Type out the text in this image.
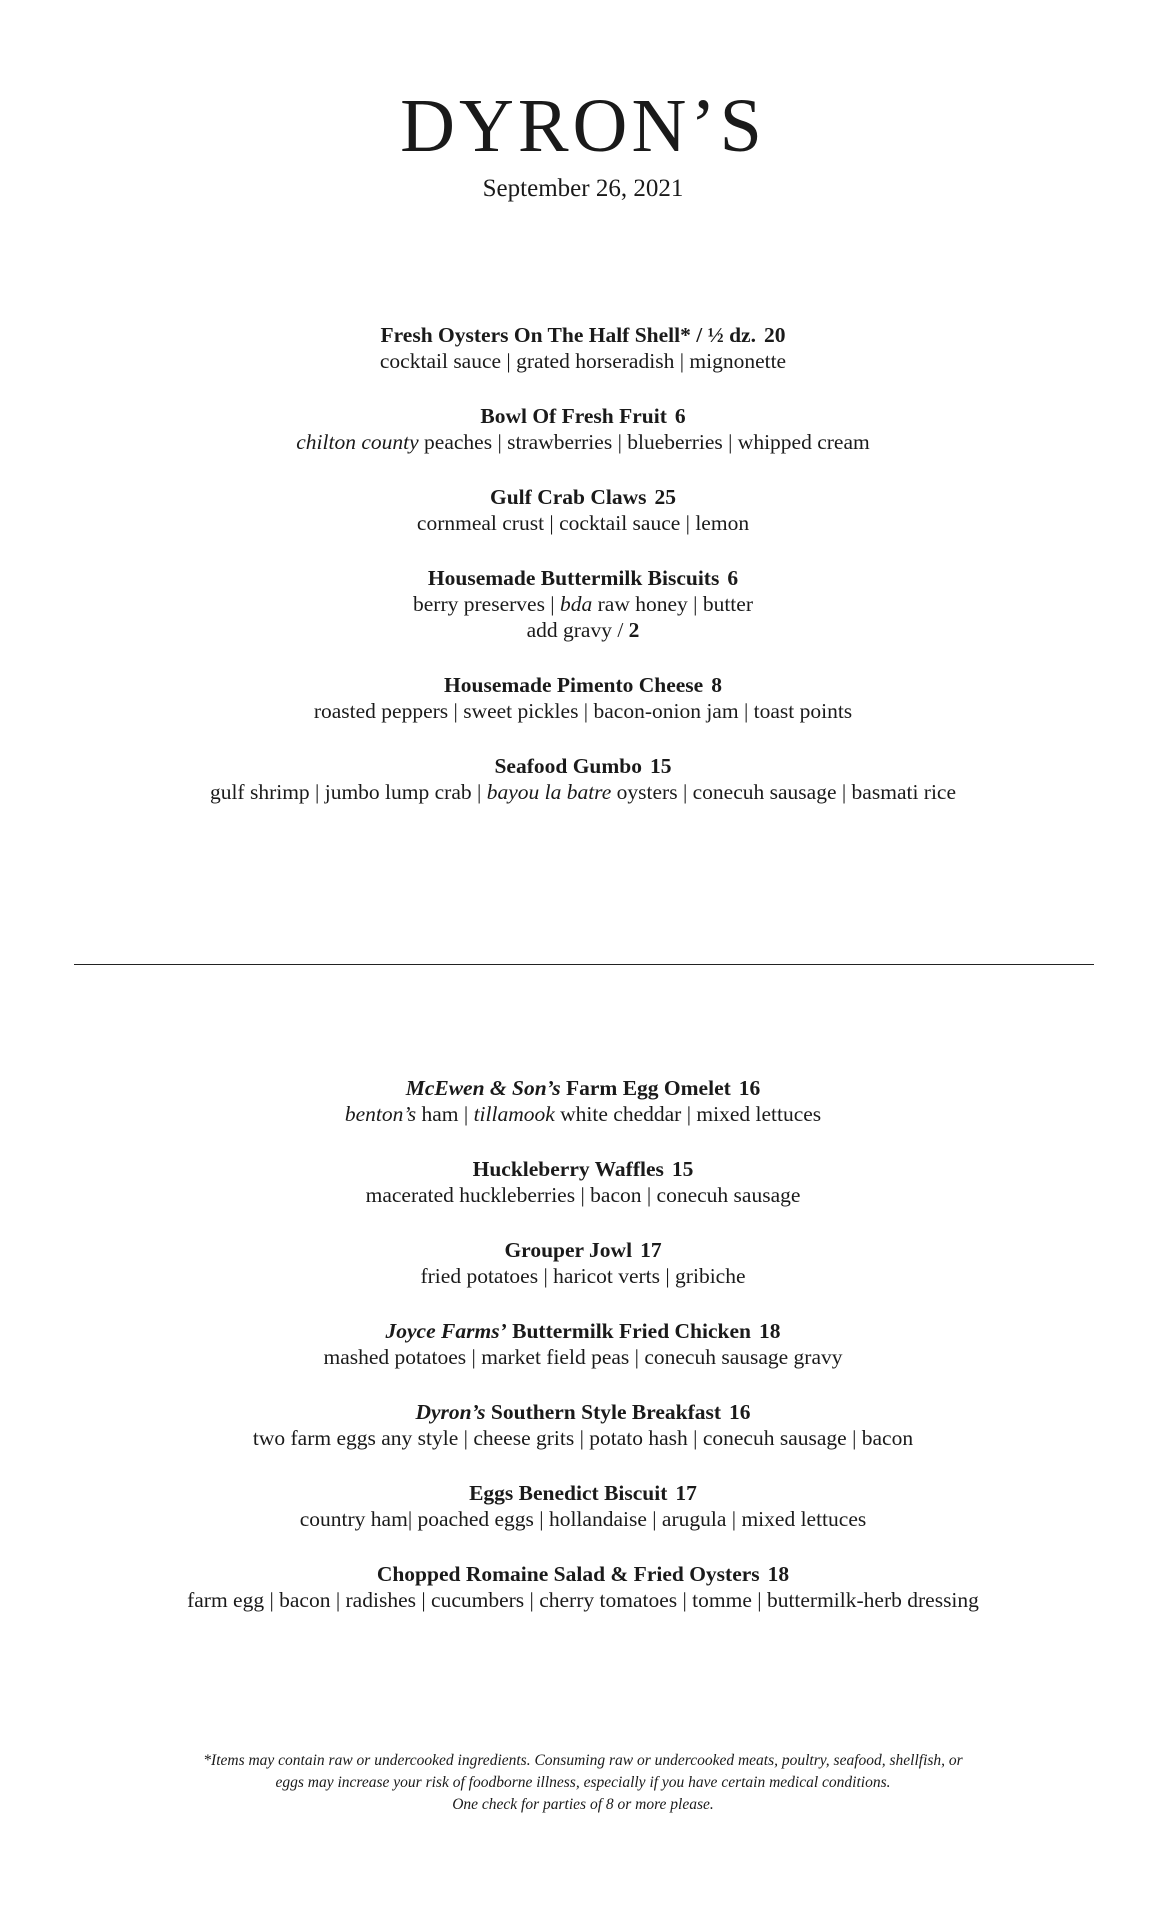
DYRON’S
September 26, 2021
Fresh Oysters On The Half Shell* / ½ dz. 20
cocktail sauce | grated horseradish | mignonette
Bowl Of Fresh Fruit 6
chilton county peaches | strawberries | blueberries | whipped cream
Gulf Crab Claws 25
cornmeal crust | cocktail sauce | lemon
Housemade Buttermilk Biscuits 6
berry preserves | bda raw honey | butter
add gravy / 2
Housemade Pimento Cheese 8
roasted peppers | sweet pickles | bacon-onion jam | toast points
Seafood Gumbo 15
gulf shrimp | jumbo lump crab | bayou la batre oysters | conecuh sausage | basmati rice
McEwen & Son’s Farm Egg Omelet 16
benton’s ham | tillamook white cheddar | mixed lettuces
Huckleberry Waffles 15
macerated huckleberries | bacon | conecuh sausage
Grouper Jowl 17
fried potatoes | haricot verts | gribiche
Joyce Farms’ Buttermilk Fried Chicken 18
mashed potatoes | market field peas | conecuh sausage gravy
Dyron’s Southern Style Breakfast 16
two farm eggs any style | cheese grits | potato hash | conecuh sausage | bacon
Eggs Benedict Biscuit 17
country ham| poached eggs | hollandaise | arugula | mixed lettuces
Chopped Romaine Salad & Fried Oysters 18
farm egg | bacon | radishes | cucumbers | cherry tomatoes | tomme | buttermilk-herb dressing
*Items may contain raw or undercooked ingredients. Consuming raw or undercooked meats, poultry, seafood, shellfish, or
eggs may increase your risk of foodborne illness, especially if you have certain medical conditions.
One check for parties of 8 or more please.
